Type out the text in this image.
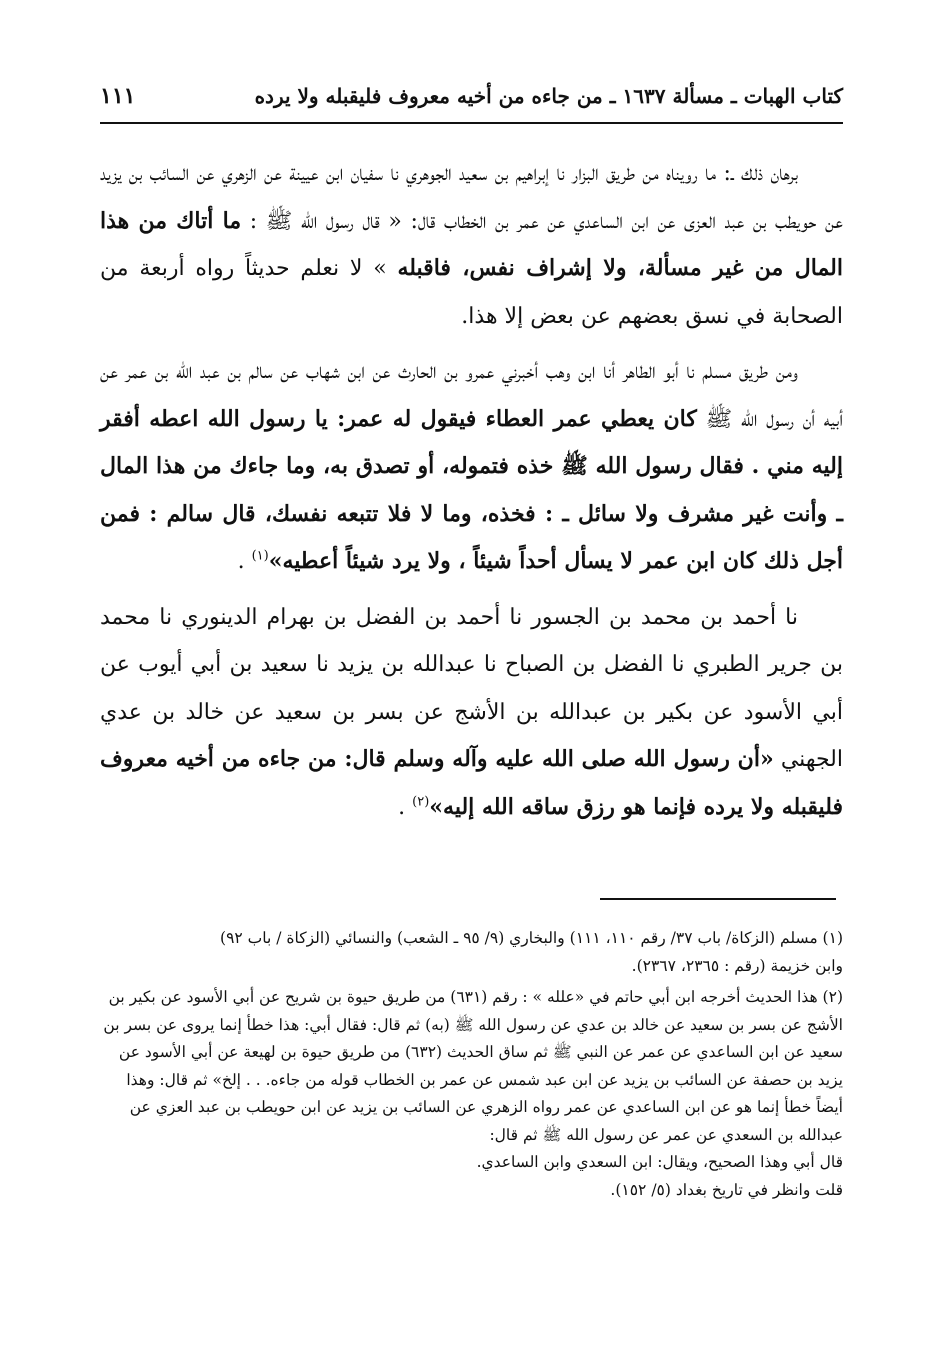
كتاب الهبات ـ مسألة ١٦٣٧ ـ من جاءه من أخيه معروف فليقبله ولا يرده
١١١

برهان ذلك ـ: ما رويناه من طريق البزار نا إبراهيم بن سعيد الجوهري نا سفيان ابن عيينة عن الزهري عن السائب بن يزيد عن حويطب بن عبد العزى عن ابن الساعدي عن عمر بن الخطاب قال: « قال رسول الله ﷺ : ما أتاك من هذا المال من غير مسألة، ولا إشراف نفس، فاقبله » لا نعلم حديثاً رواه أربعة من الصحابة في نسق بعضهم عن بعض إلا هذا.

ومن طريق مسلم نا أبو الطاهر أنا ابن وهب أخبرني عمرو بن الحارث عن ابن شهاب عن سالم بن عبد الله بن عمر عن أبيه أن رسول الله ﷺ كان يعطي عمر العطاء فيقول له عمر: يا رسول الله اعطه أفقر إليه مني . فقال رسول الله ﷺ خذه فتموله، أو تصدق به، وما جاءك من هذا المال ـ وأنت غير مشرف ولا سائل ـ : فخذه، وما لا فلا تتبعه نفسك، قال سالم : فمن أجل ذلك كان ابن عمر لا يسأل أحداً شيئاً ، ولا يرد شيئاً أعطيه»$^{(١)}$ .

نا أحمد بن محمد بن الجسور نا أحمد بن الفضل بن بهرام الدينوري نا محمد بن جرير الطبري نا الفضل بن الصباح نا عبدالله بن يزيد نا سعيد بن أبي أيوب عن أبي الأسود عن بكير بن عبدالله بن الأشج عن بسر بن سعيد عن خالد بن عدي الجهني «أن رسول الله صلى الله عليه وآله وسلم قال: من جاءه من أخيه معروف فليقبله ولا يرده فإنما هو رزق ساقه الله إليه»$^{(٢)}$ .

(١) مسلم (الزكاة/ باب ٣٧/ رقم ١١٠، ١١١) والبخاري (٩/ ٩٥ ـ الشعب) والنسائي (الزكاة / باب ٩٢)
وابن خزيمة (رقم : ٢٣٦٥، ٢٣٦٧).
(٢) هذا الحديث أخرجه ابن أبي حاتم في «علله » : رقم (٦٣١) من طريق حيوة بن شريح عن أبي الأسود عن بكير بن الأشج عن بسر بن سعيد عن خالد بن عدي عن رسول الله ﷺ (به) ثم قال: فقال أبي: هذا خطأ إنما يروى عن بسر بن سعيد عن ابن الساعدي عن عمر عن النبي ﷺ ثم ساق الحديث (٦٣٢) من طريق حيوة بن لهيعة عن أبي الأسود عن يزيد بن حصفة عن السائب بن يزيد عن ابن عبد شمس عن عمر بن الخطاب قوله من جاءه. . . إلخ» ثم قال: وهذا أيضاً خطأ إنما هو عن ابن الساعدي عن عمر رواه الزهري عن السائب بن يزيد عن ابن حويطب بن عبد العزي عن عبدالله بن السعدي عن عمر عن رسول الله ﷺ ثم قال:
قال أبي وهذا الصحيح، ويقال: ابن السعدي وابن الساعدي.
قلت وانظر في تاريخ بغداد (٥/ ١٥٢).
